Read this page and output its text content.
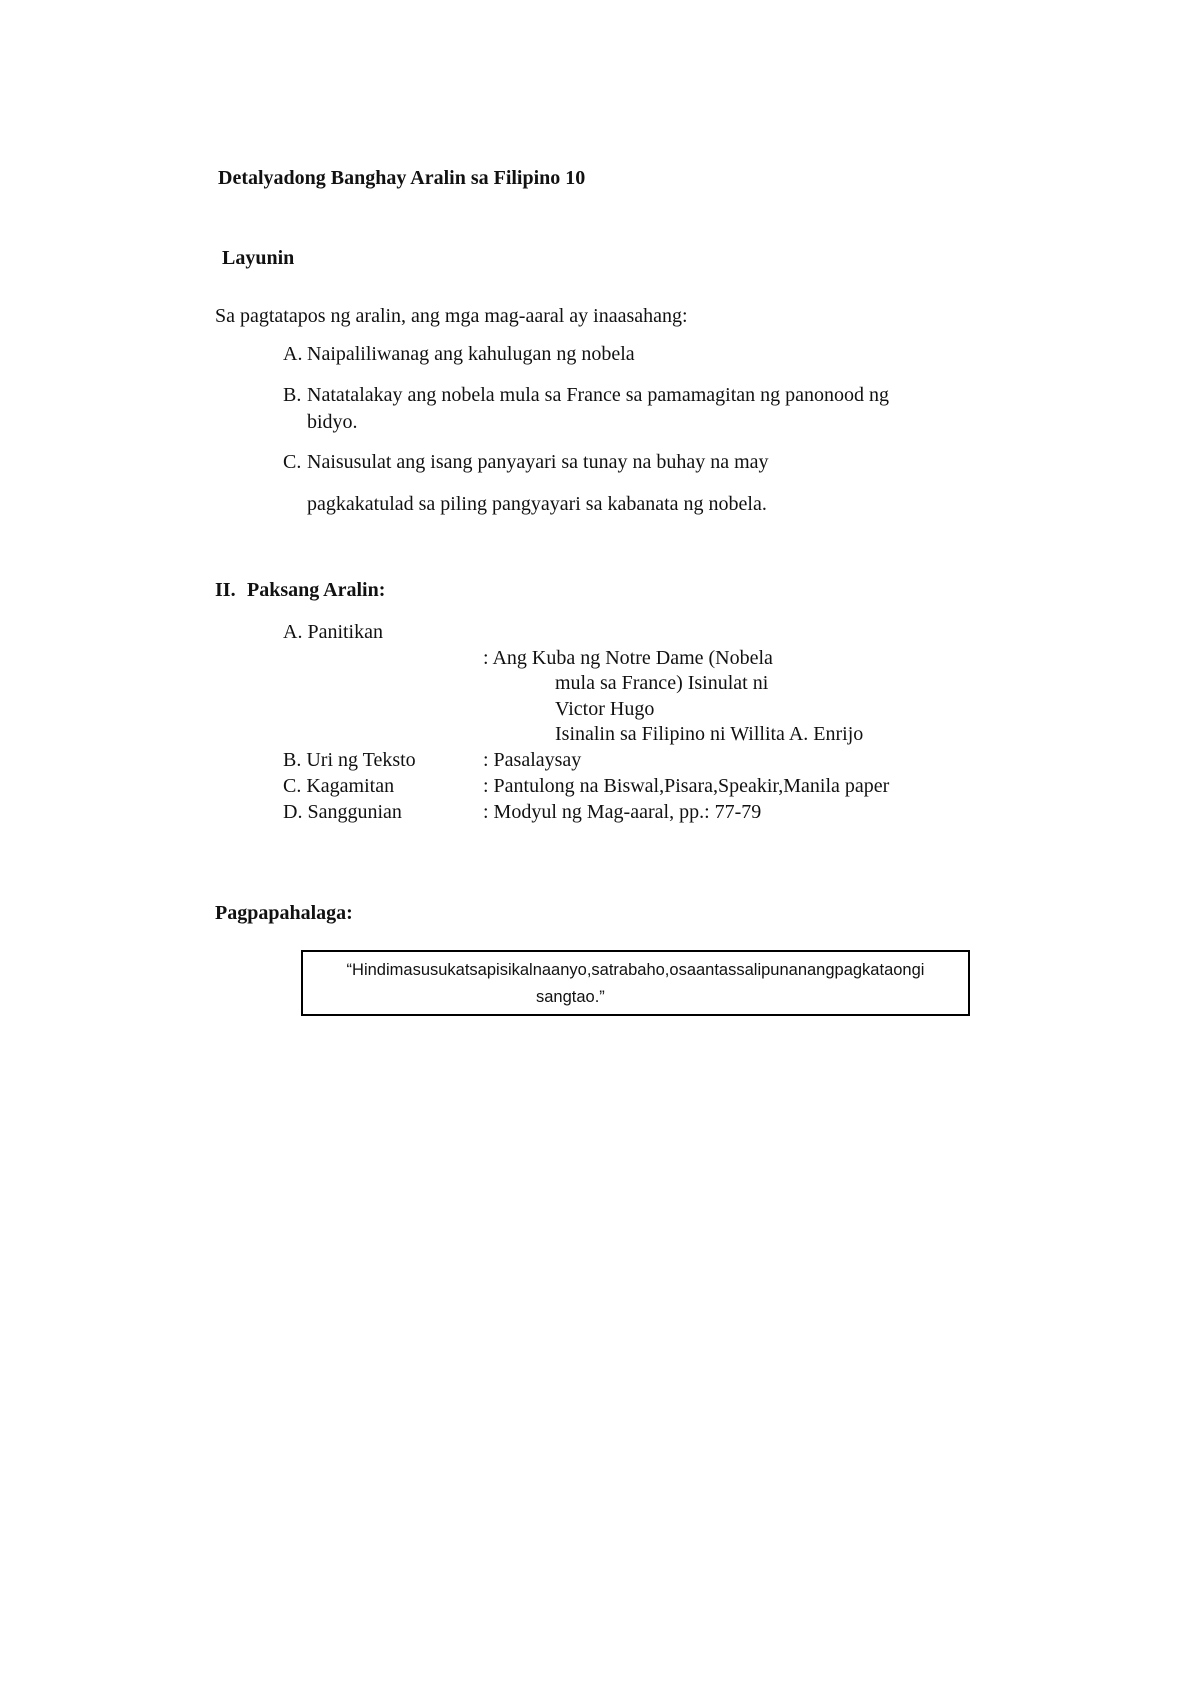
Detalyadong Banghay Aralin sa Filipino 10
Layunin
Sa pagtatapos ng aralin, ang mga mag-aaral ay inaasahang:
A. Naipaliliwanag ang kahulugan ng nobela
B. Natatalakay ang nobela mula sa France sa pamamagitan ng panonood ng
bidyo.
C. Naisusulat ang isang panyayari sa tunay na buhay na may
pagkakatulad sa piling pangyayari sa kabanata ng nobela.
II. Paksang Aralin:
A. Panitikan
: Ang Kuba ng Notre Dame (Nobela
mula sa France) Isinulat ni
Victor Hugo
Isinalin sa Filipino ni Willita A. Enrijo
B. Uri ng Teksto	: Pasalaysay
C. Kagamitan	: Pantulong na Biswal,Pisara,Speakir,Manila paper
D. Sanggunian	: Modyul ng Mag-aaral, pp.: 77-79
Pagpapahalaga:
“Hindimasusukatsapisikalnaanyo,satrabaho,osaantassalipunanangpagkataongi
sangtao.”
